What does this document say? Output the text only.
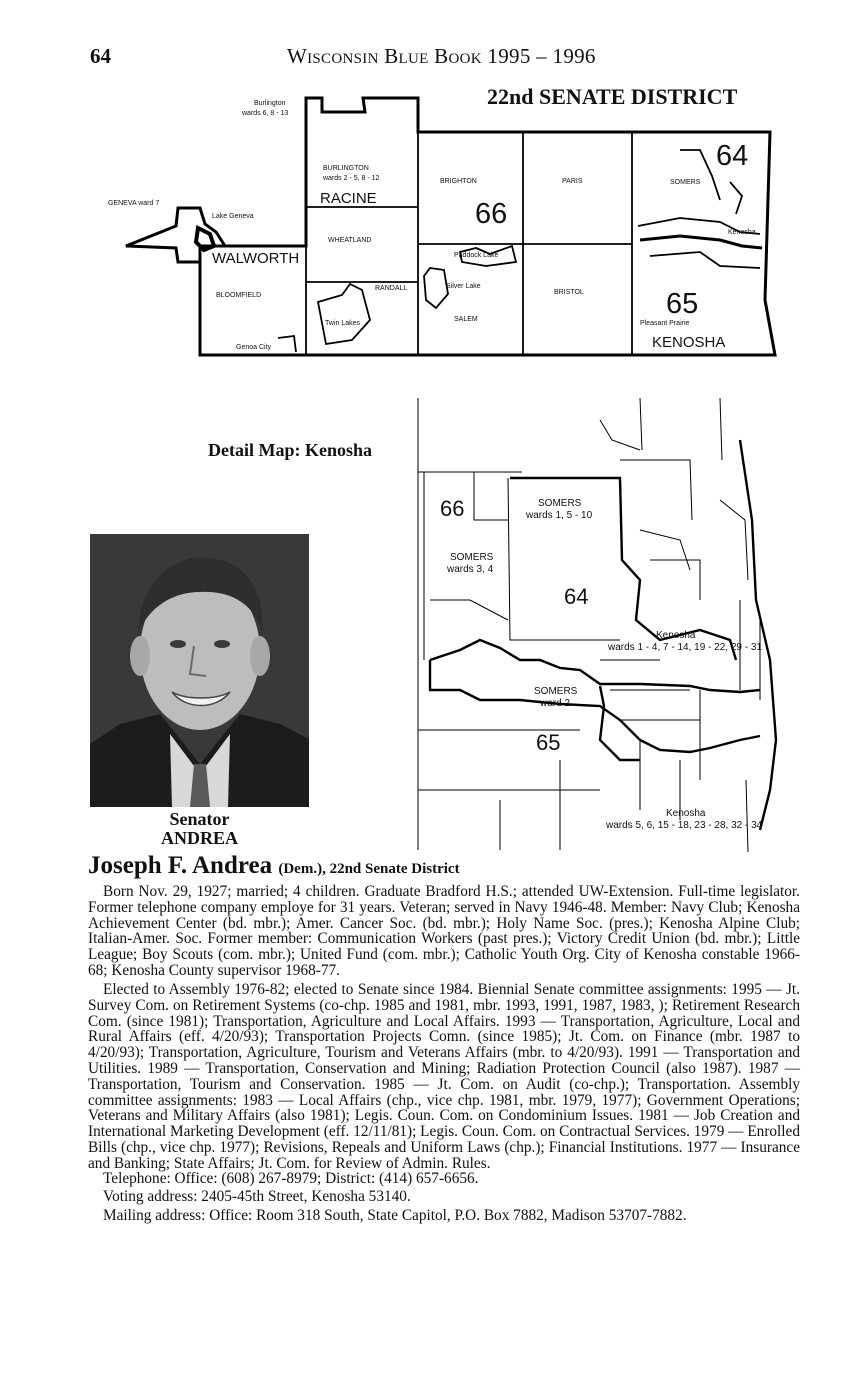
64	Wisconsin Blue Book 1995 – 1996
22nd SENATE DISTRICT
Burlington
wards 6, 8 - 13
GENEVA ward 7
Lake Geneva
WALWORTH
BLOOMFIELD
Genoa City
BURLINGTON
wards 2 - 5, 8 - 12
RACINE
WHEATLAND
RANDALL
Twin Lakes
BRIGHTON
66
Paddock Lake
Silver Lake
SALEM
PARIS
BRISTOL
SOMERS
64
Kenosha
65
Pleasant Prairie
KENOSHA
Detail Map: Kenosha
66	SOMERS
wards 1, 5 - 10
SOMERS
wards 3, 4
64
Kenosha
wards 1 - 4, 7 - 14, 19 - 22, 29 - 31
SOMERS
ward 2
65
Kenosha
wards 5, 6, 15 - 18, 23 - 28, 32 - 34
Senator
ANDREA
Joseph F. Andrea (Dem.), 22nd Senate District

Born Nov. 29, 1927; married; 4 children. Graduate Bradford H.S.; attended UW-Extension. Full-time legislator. Former telephone company employe for 31 years. Veteran; served in Navy 1946-48. Member: Navy Club; Kenosha Achievement Center (bd. mbr.); Amer. Cancer Soc. (bd. mbr.); Holy Name Soc. (pres.); Kenosha Alpine Club; Italian-Amer. Soc. Former member: Communication Workers (past pres.); Victory Credit Union (bd. mbr.); Little League; Boy Scouts (com. mbr.); United Fund (com. mbr.); Catholic Youth Org. City of Kenosha constable 1966-68; Kenosha County supervisor 1968-77.

Elected to Assembly 1976-82; elected to Senate since 1984. Biennial Senate committee assignments: 1995 — Jt. Survey Com. on Retirement Systems (co-chp. 1985 and 1981, mbr. 1993, 1991, 1987, 1983, ); Retirement Research Com. (since 1981); Transportation, Agriculture and Local Affairs. 1993 — Transportation, Agriculture, Local and Rural Affairs (eff. 4/20/93); Transportation Projects Comn. (since 1985); Jt. Com. on Finance (mbr. 1987 to 4/20/93); Transportation, Agriculture, Tourism and Veterans Affairs (mbr. to 4/20/93). 1991 — Transportation and Utilities. 1989 — Transportation, Conservation and Mining; Radiation Protection Council (also 1987). 1987 — Transportation, Tourism and Conservation. 1985 — Jt. Com. on Audit (co-chp.); Transportation. Assembly committee assignments: 1983 — Local Affairs (chp., vice chp. 1981, mbr. 1979, 1977); Government Operations; Veterans and Military Affairs (also 1981); Legis. Coun. Com. on Condominium Issues. 1981 — Job Creation and International Marketing Development (eff. 12/11/81); Legis. Coun. Com. on Contractual Services. 1979 — Enrolled Bills (chp., vice chp. 1977); Revisions, Repeals and Uniform Laws (chp.); Financial Institutions. 1977 — Insurance and Banking; State Affairs; Jt. Com. for Review of Admin. Rules.

Telephone: Office: (608) 267-8979; District: (414) 657-6656.
Voting address: 2405-45th Street, Kenosha 53140.
Mailing address: Office: Room 318 South, State Capitol, P.O. Box 7882, Madison 53707-7882.
